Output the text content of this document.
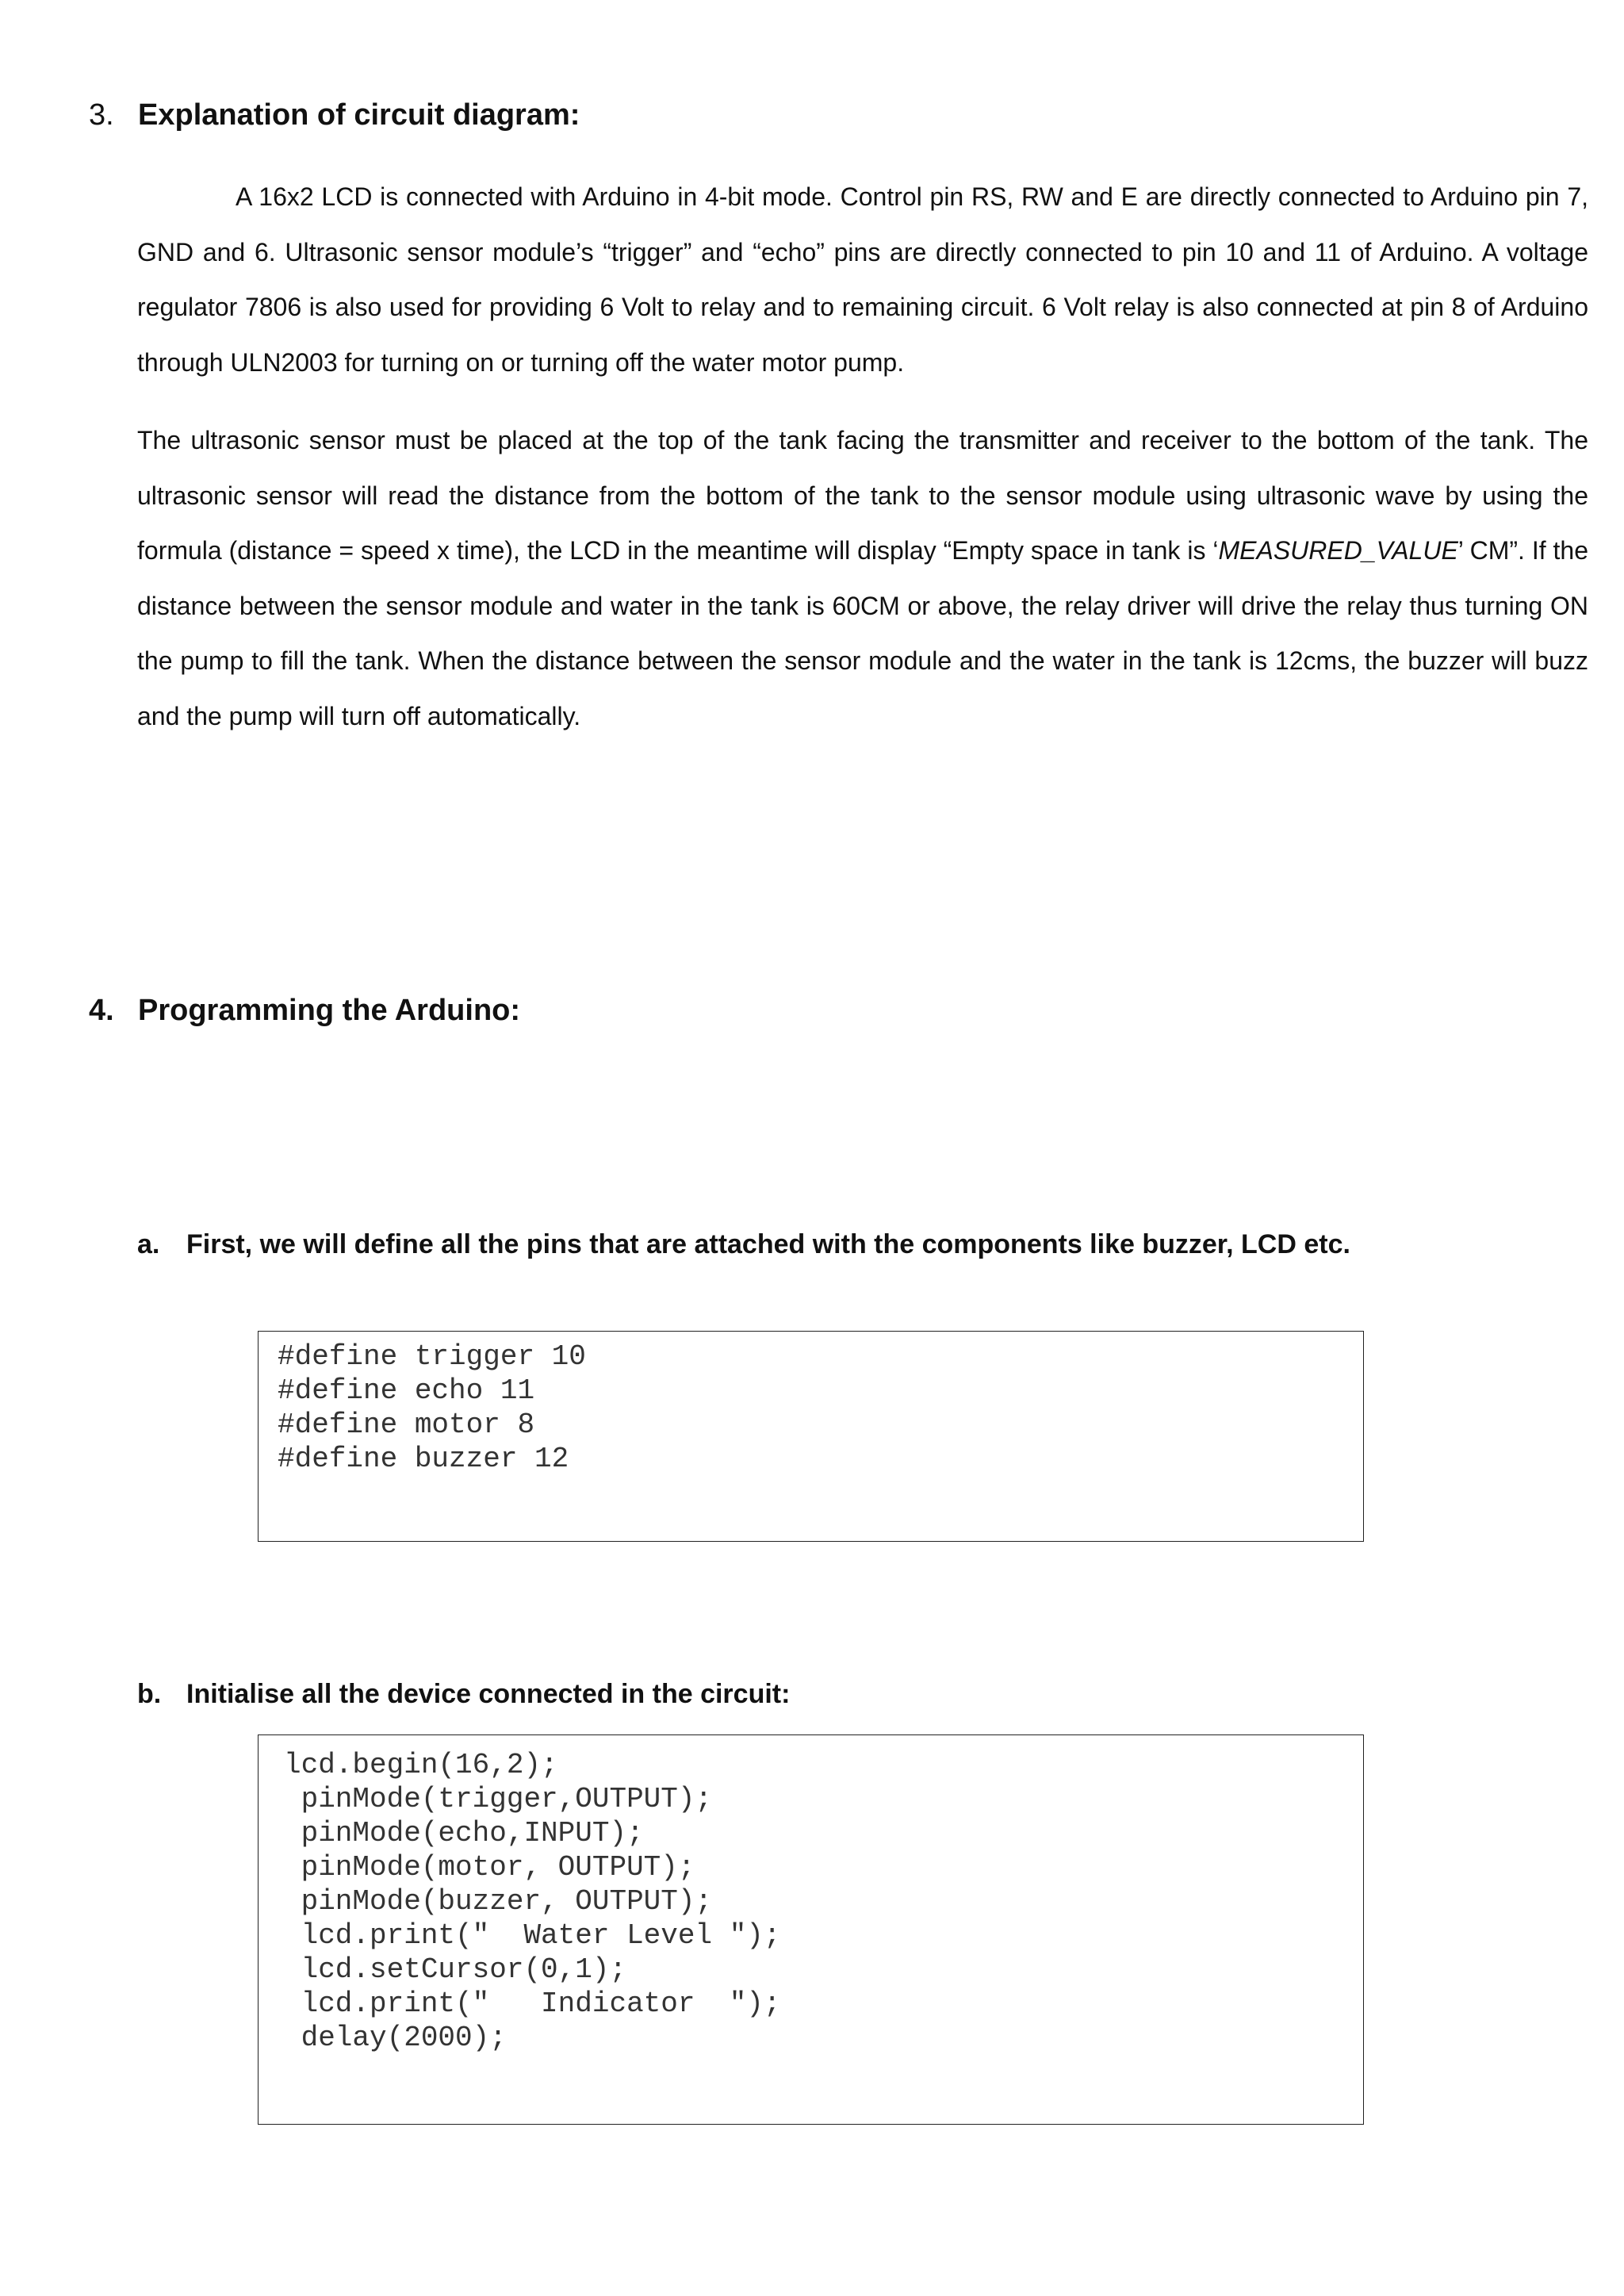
3. Explanation of circuit diagram:

A 16x2 LCD is connected with Arduino in 4-bit mode. Control pin RS, RW and E are directly connected to Arduino pin 7, GND and 6. Ultrasonic sensor module’s “trigger” and “echo” pins are directly connected to pin 10 and 11 of Arduino. A voltage regulator 7806 is also used for providing 6 Volt to relay and to remaining circuit. 6 Volt relay is also connected at pin 8 of Arduino through ULN2003 for turning on or turning off the water motor pump.

The ultrasonic sensor must be placed at the top of the tank facing the transmitter and receiver to the bottom of the tank. The ultrasonic sensor will read the distance from the bottom of the tank to the sensor module using ultrasonic wave by using the formula (distance = speed x time), the LCD in the meantime will display “Empty space in tank is ‘MEASURED_VALUE’ CM”. If the distance between the sensor module and water in the tank is 60CM or above, the relay driver will drive the relay thus turning ON the pump to fill the tank. When the distance between the sensor module and the water in the tank is 12cms, the buzzer will buzz and the pump will turn off automatically.

4. Programming the Arduino:
a. First, we will define all the pins that are attached with the components like buzzer, LCD etc.
#define trigger 10
#define echo 11
#define motor 8
#define buzzer 12
b. Initialise all the device connected in the circuit:
lcd.begin(16,2);
pinMode(trigger,OUTPUT);
pinMode(echo,INPUT);
pinMode(motor, OUTPUT);
pinMode(buzzer, OUTPUT);
lcd.print("  Water Level ");
lcd.setCursor(0,1);
lcd.print("   Indicator  ");
delay(2000);
